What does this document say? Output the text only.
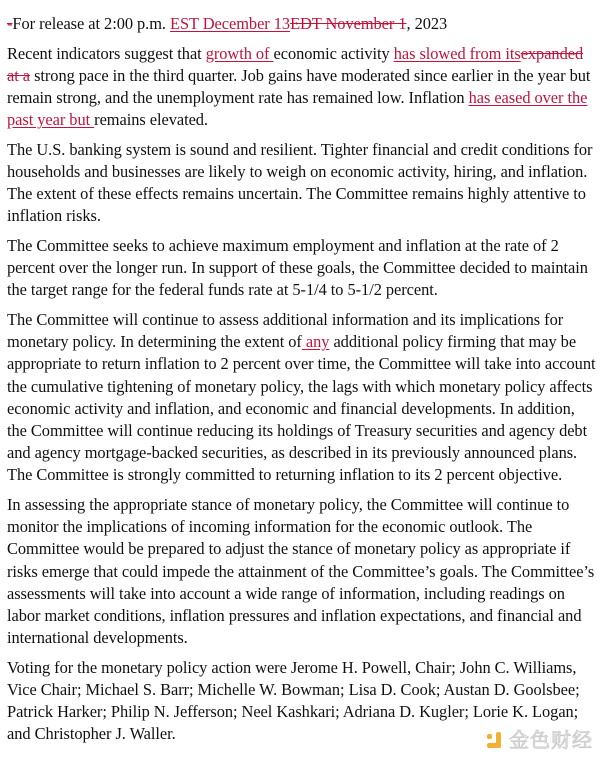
-For release at 2:00 p.m. EST December 13EDT November 1, 2023

Recent indicators suggest that growth of economic activity has slowed from itsexpanded at a strong pace in the third quarter. Job gains have moderated since earlier in the year but remain strong, and the unemployment rate has remained low. Inflation has eased over the past year but remains elevated.

The U.S. banking system is sound and resilient. Tighter financial and credit conditions for households and businesses are likely to weigh on economic activity, hiring, and inflation. The extent of these effects remains uncertain. The Committee remains highly attentive to inflation risks.

The Committee seeks to achieve maximum employment and inflation at the rate of 2 percent over the longer run. In support of these goals, the Committee decided to maintain the target range for the federal funds rate at 5-1/4 to 5-1/2 percent.

The Committee will continue to assess additional information and its implications for monetary policy. In determining the extent of any additional policy firming that may be appropriate to return inflation to 2 percent over time, the Committee will take into account the cumulative tightening of monetary policy, the lags with which monetary policy affects economic activity and inflation, and economic and financial developments. In addition, the Committee will continue reducing its holdings of Treasury securities and agency debt and agency mortgage-backed securities, as described in its previously announced plans. The Committee is strongly committed to returning inflation to its 2 percent objective.

In assessing the appropriate stance of monetary policy, the Committee will continue to monitor the implications of incoming information for the economic outlook. The Committee would be prepared to adjust the stance of monetary policy as appropriate if risks emerge that could impede the attainment of the Committee’s goals. The Committee’s assessments will take into account a wide range of information, including readings on labor market conditions, inflation pressures and inflation expectations, and financial and international developments.

Voting for the monetary policy action were Jerome H. Powell, Chair; John C. Williams, Vice Chair; Michael S. Barr; Michelle W. Bowman; Lisa D. Cook; Austan D. Goolsbee; Patrick Harker; Philip N. Jefferson; Neel Kashkari; Adriana D. Kugler; Lorie K. Logan; and Christopher J. Waller.	金色财经
